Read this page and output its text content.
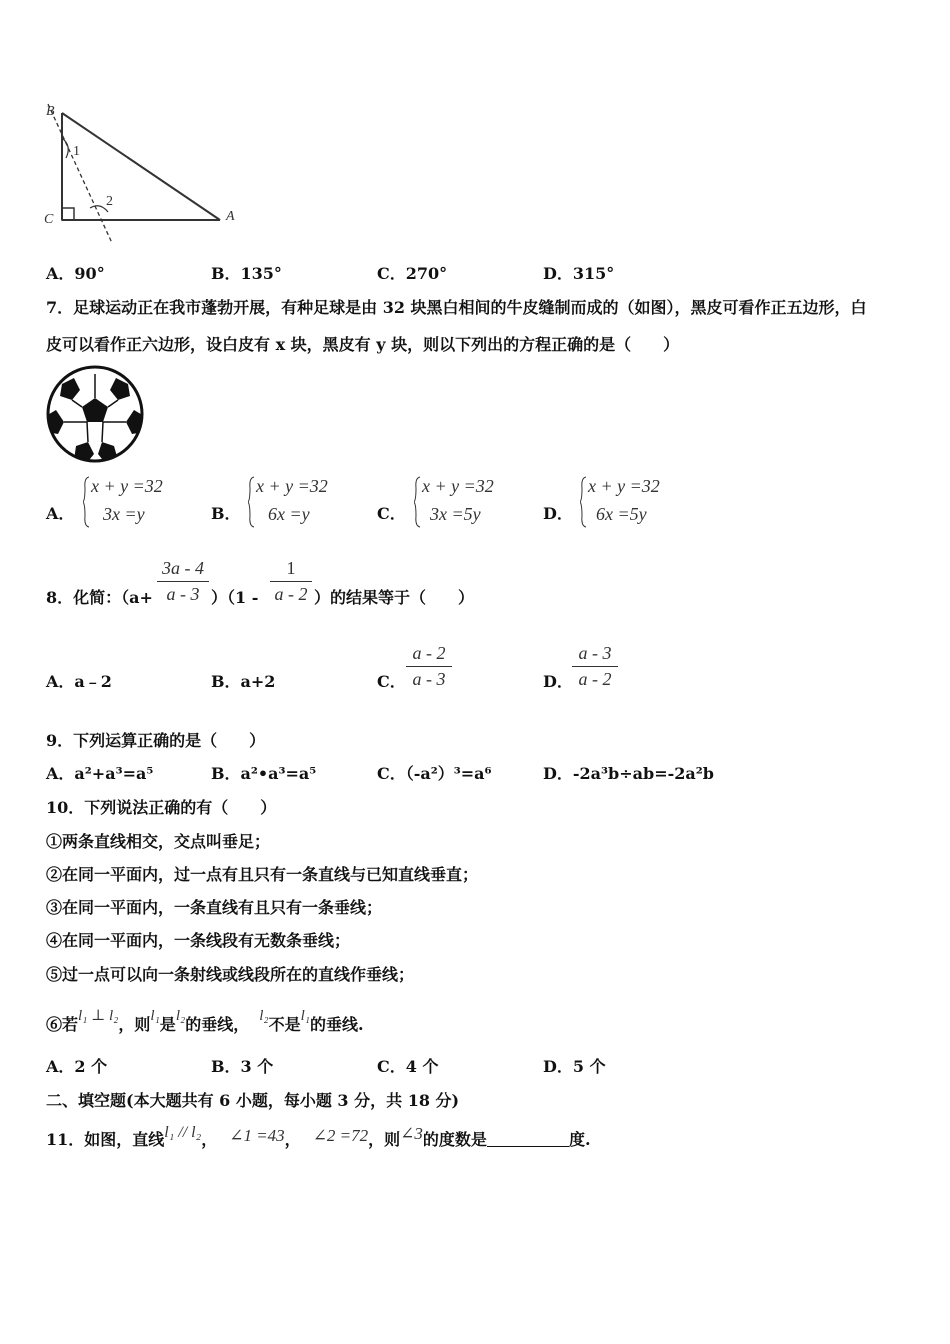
B
C	A
1
2
A．90°	B．135°	C．270°	D．315°
7．足球运动正在我市蓬勃开展，有种足球是由 32 块黑白相间的牛皮缝制而成的（如图），黑皮可看作正五边形，白
皮可以看作正六边形，设白皮有 x 块，黑皮有 y 块，则以下列出的方程正确的是（　　）
A．
x + y =32
3x =y	B．
x + y =32
6x =y	C．
x + y =32
3x =5y	D．
x + y =32
6x =5y
8．化简：（a+
3a - 4
a - 3 ）（1 -
1
a - 2 ）的结果等于（　　）
A．a﹣2	B．a+2	C．
a - 2
a - 3	D．
a - 3
a - 2
9．下列运算正确的是（　　）
A．a²+a³=a⁵	B．a²•a³=a⁵	C．（-a²）³=a⁶	D．-2a³b÷ab=-2a²b
10．下列说法正确的有（　　）
①两条直线相交，交点叫垂足；
②在同一平面内，过一点有且只有一条直线与已知直线垂直；
③在同一平面内，一条直线有且只有一条垂线；
④在同一平面内，一条线段有无数条垂线；
⑤过一点可以向一条射线或线段所在的直线作垂线；
⑥若l₁ ⊥ l₂，则l₁是l₂的垂线， l₂不是l₁的垂线.
A．2 个	B．3 个	C．4 个	D．5 个
二、填空题(本大题共有 6 小题，每小题 3 分，共 18 分)
11．如图，直线l₁ // l₂， ∠1 =43， ∠2 =72，则∠3的度数是	度.
